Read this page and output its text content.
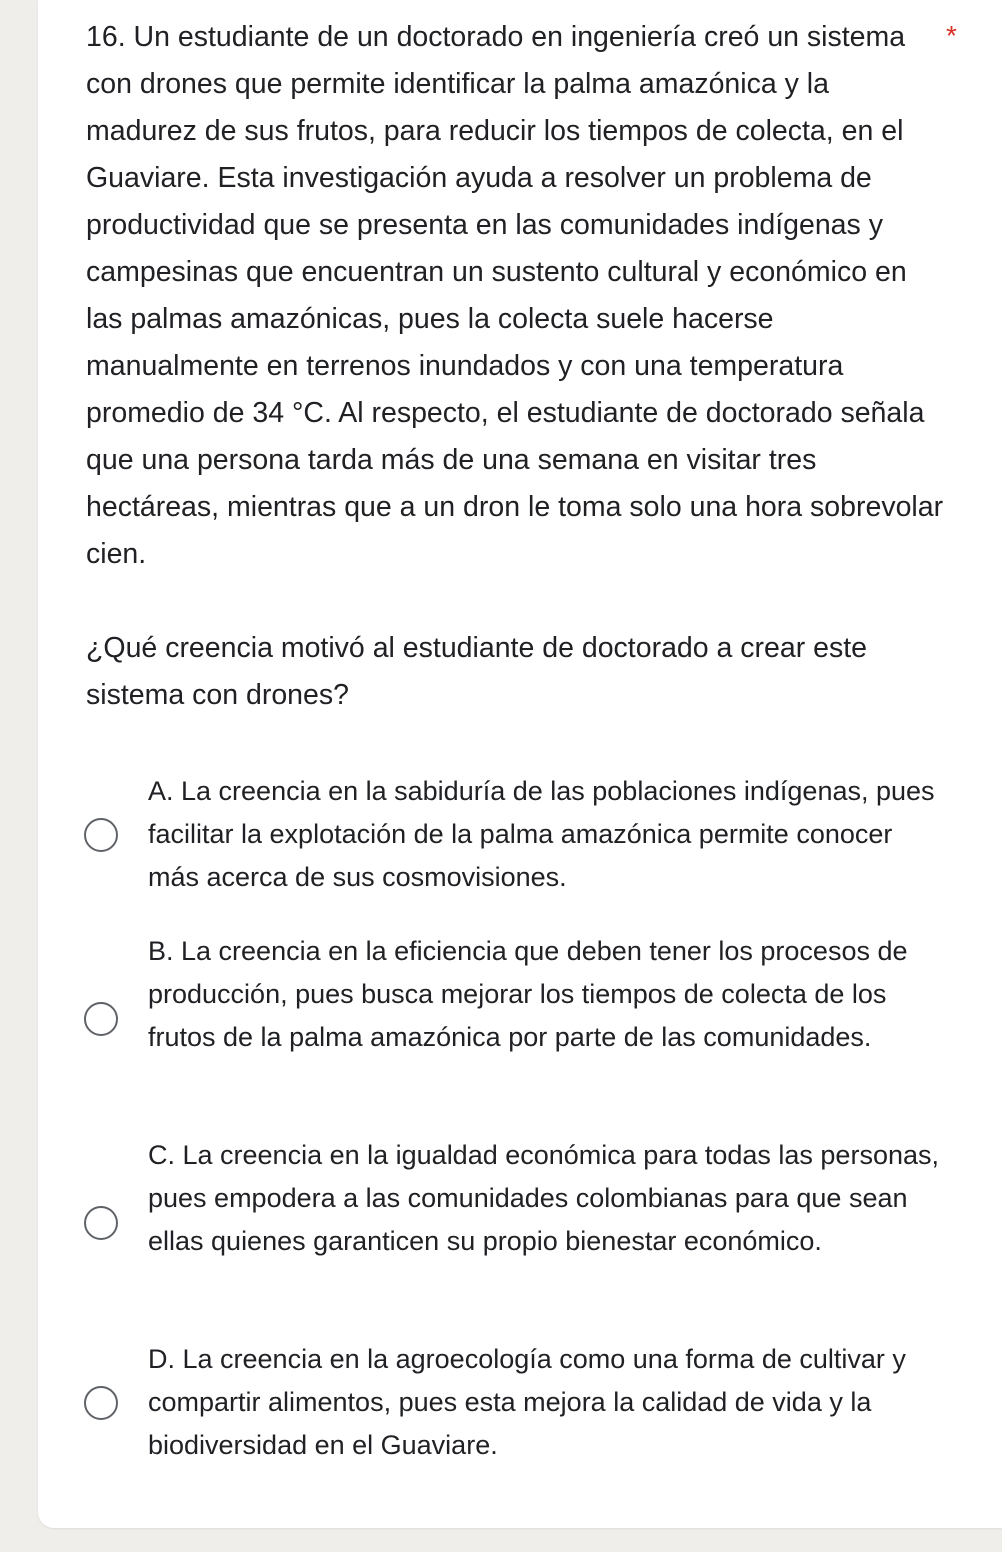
16. Un estudiante de un doctorado en ingeniería creó un sistema con drones que permite identificar la palma amazónica y la madurez de sus frutos, para reducir los tiempos de colecta, en el Guaviare. Esta investigación ayuda a resolver un problema de productividad que se presenta en las comunidades indígenas y campesinas que encuentran un sustento cultural y económico en las palmas amazónicas, pues la colecta suele hacerse manualmente en terrenos inundados y con una temperatura promedio de 34 °C. Al respecto, el estudiante de doctorado señala que una persona tarda más de una semana en visitar tres hectáreas, mientras que a un dron le toma solo una hora sobrevolar cien.

¿Qué creencia motivó al estudiante de doctorado a crear este sistema con drones?

*
A. La creencia en la sabiduría de las poblaciones indígenas, pues facilitar la explotación de la palma amazónica permite conocer más acerca de sus cosmovisiones.
B. La creencia en la eficiencia que deben tener los procesos de producción, pues busca mejorar los tiempos de colecta de los frutos de la palma amazónica por parte de las comunidades.
C. La creencia en la igualdad económica para todas las personas, pues empodera a las comunidades colombianas para que sean ellas quienes garanticen su propio bienestar económico.
D. La creencia en la agroecología como una forma de cultivar y compartir alimentos, pues esta mejora la calidad de vida y la biodiversidad en el Guaviare.
